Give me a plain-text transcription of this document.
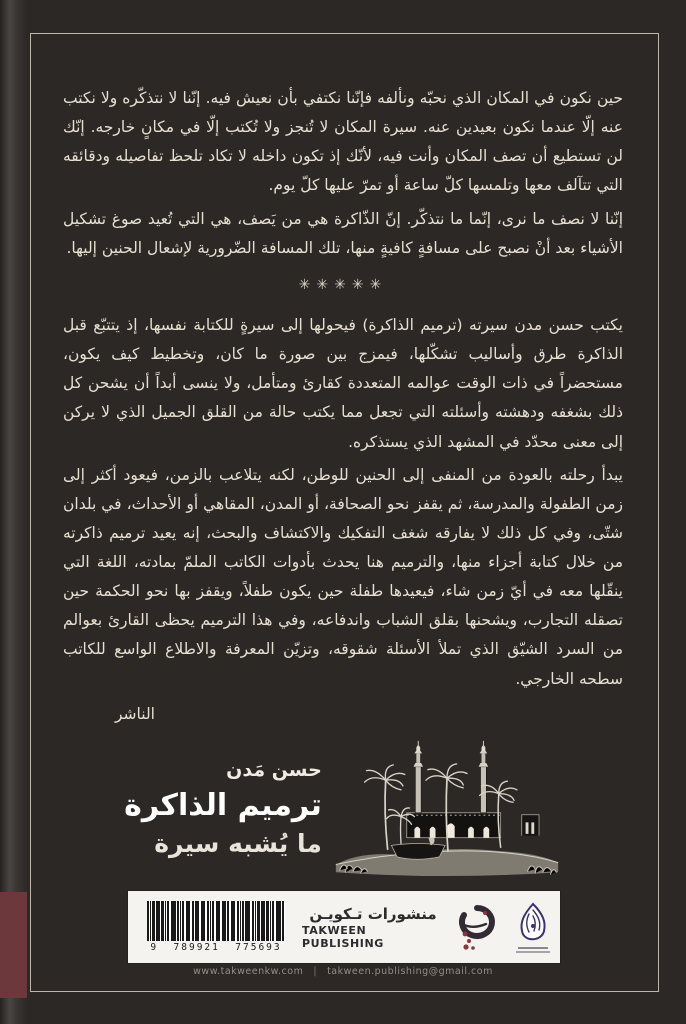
حين نكون في المكان الذي نحبّه ونألفه فإنّنا نكتفي بأن نعيش فيه. إنّنا لا نتذكّره ولا نكتب عنه إلّا عندما نكون بعيدين عنه. سيرة المكان لا تُنجز ولا تُكتب إلّا في مكانٍ خارجه. إنّك لن تستطيع أن تصف المكان وأنت فيه، لأنّك إذ تكون داخله لا تكاد تلحظ تفاصيله ودقائقه التي تتآلف معها وتلمسها كلّ ساعة أو تمرّ عليها كلّ يوم.

إنّنا لا نصف ما نرى، إنّما ما نتذكّر. إنّ الذّاكرة هي من يَصف، هي التي تُعيد صوغ تشكيل الأشياء بعد أنْ نصبح على مسافةٍ كافيةٍ منها، تلك المسافة الضّرورية لإشعال الحنين إليها.

✳✳✳✳✳

يكتب حسن مدن سيرته (ترميم الذاكرة) فيحولها إلى سيرةٍ للكتابة نفسها، إذ يتتبّع قبل الذاكرة طرق وأساليب تشكّلها، فيمزج بين صورة ما كان، وتخطيط كيف يكون، مستحضراً في ذات الوقت عوالمه المتعددة كقارئ ومتأمل، ولا ينسى أبداً أن يشحن كل ذلك بشغفه ودهشته وأسئلته التي تجعل مما يكتب حالة من القلق الجميل الذي لا يركن إلى معنى محدّد في المشهد الذي يستذكره.

يبدأ رحلته بالعودة من المنفى إلى الحنين للوطن، لكنه يتلاعب بالزمن، فيعود أكثر إلى زمن الطفولة والمدرسة، ثم يقفز نحو الصحافة، أو المدن، المقاهي أو الأحداث، في بلدان شتّى، وفي كل ذلك لا يفارقه شغف التفكيك والاكتشاف والبحث، إنه يعيد ترميم ذاكرته من خلال كتابة أجزاء منها، والترميم هنا يحدث بأدوات الكاتب الملمّ بمادته، اللغة التي ينقّلها معه في أيّ زمن شاء، فيعيدها طفلة حين يكون طفلاً، ويقفز بها نحو الحكمة حين تصقله التجارب، ويشحنها بقلق الشباب واندفاعه، وفي هذا الترميم يحظى القارئ بعوالم من السرد الشيّق الذي تملأ الأسئلة شقوقه، وتزيّن المعرفة والاطلاع الواسع للكاتب سطحه الخارجي.

الناشر
حسن مَدن
ترميم الذاكرة
ما يُشبه سيرة
9  789921  775693
منشورات تـكويـن
TAKWEEN PUBLISHING
www.takweenkw.com | takween.publishing@gmail.com
